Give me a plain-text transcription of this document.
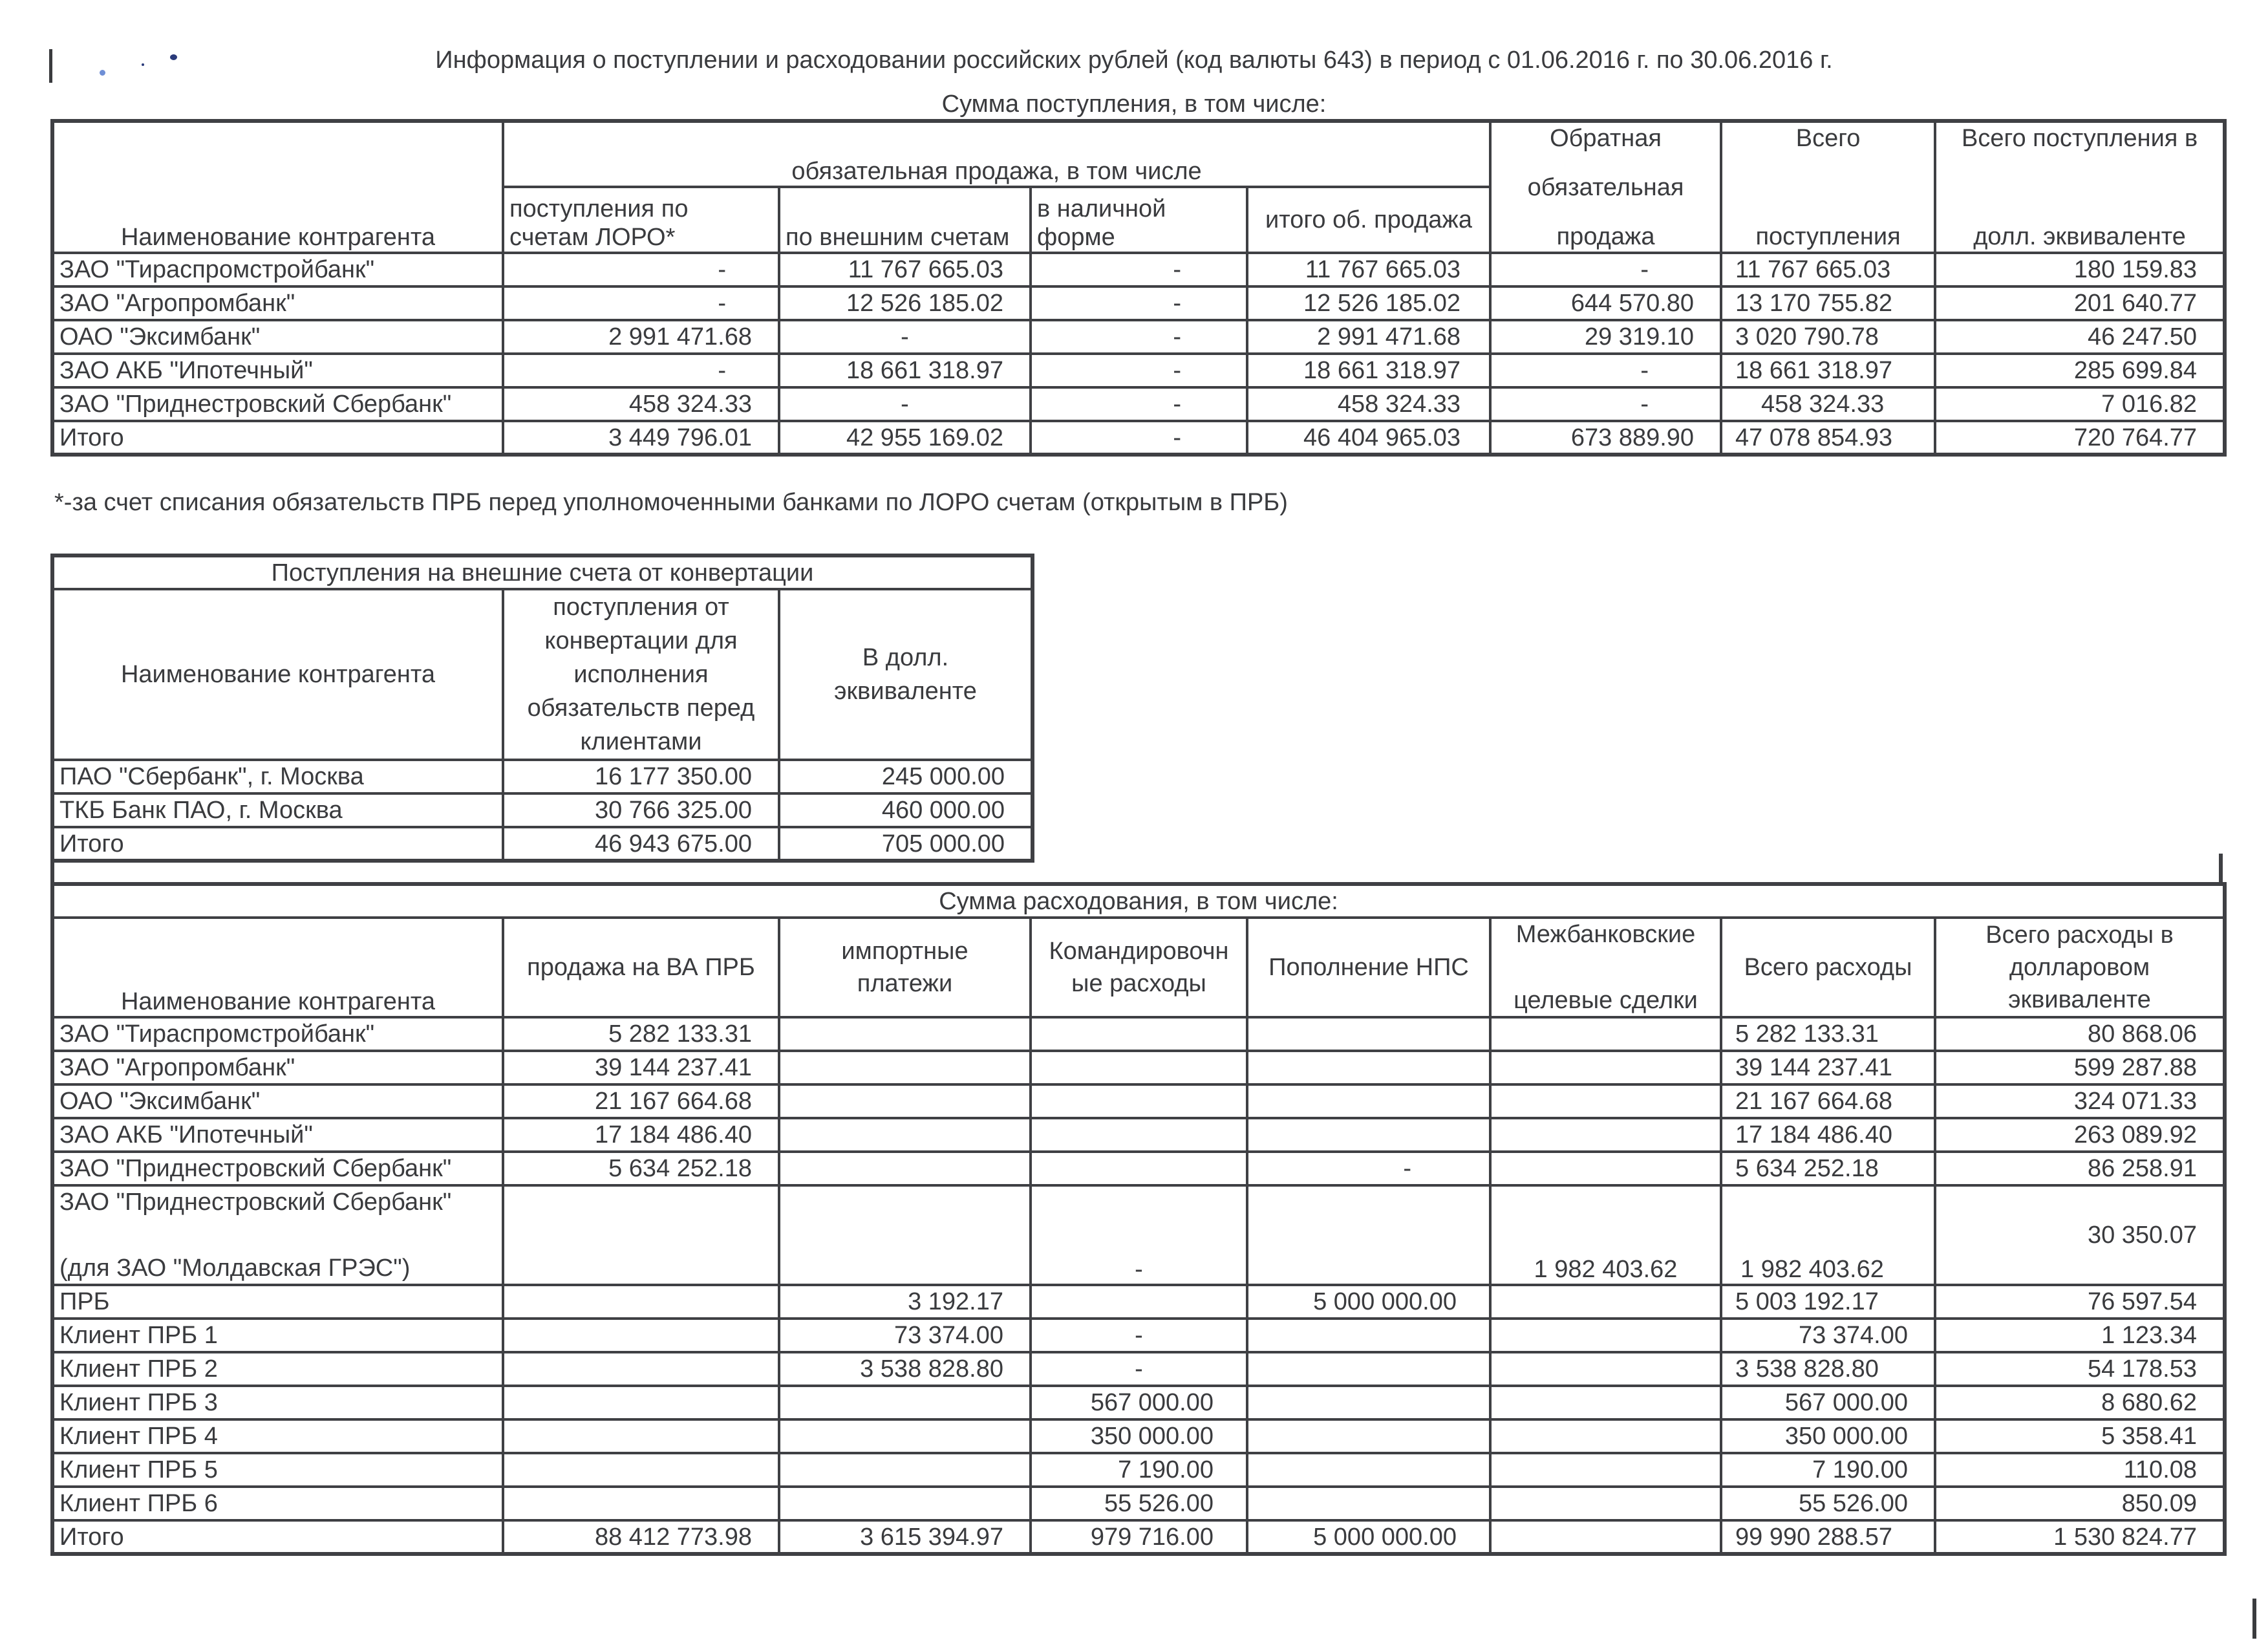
Информация о поступлении и расходовании российских рублей (код валюты 643) в период с 01.06.2016 г. по 30.06.2016 г.
Сумма поступления, в том числе:
Наименование контрагента	обязательная продажа, в том числе				Обратная
обязательная
продажа	Всего
поступления	Всего поступления в
долл. эквиваленте

	поступления по счетам ЛОРО*	по внешним счетам	в наличной форме	итого об. продажа			
ЗАО "Тираспромстройбанк"	-	11 767 665.03	-	11 767 665.03	-	11 767 665.03	180 159.83
ЗАО "Агропромбанк"	-	12 526 185.02	-	12 526 185.02	644 570.80	13 170 755.82	201 640.77
ОАО "Эксимбанк"	2 991 471.68	-	-	2 991 471.68	29 319.10	3 020 790.78	46 247.50
ЗАО АКБ "Ипотечный"	-	18 661 318.97	-	18 661 318.97	-	18 661 318.97	285 699.84
ЗАО "Приднестровский Сбербанк"	458 324.33	-	-	458 324.33	-	458 324.33	7 016.82
Итого	3 449 796.01	42 955 169.02	-	46 404 965.03	673 889.90	47 078 854.93	720 764.77
*-за счет списания обязательств ПРБ перед уполномоченными банками по ЛОРО счетам (открытым в ПРБ)
Поступления на внешние счета от конвертации		
Наименование контрагента	поступления от конвертации для исполнения обязательств перед клиентами	В долл. эквиваленте
ПАО "Сбербанк", г. Москва	16 177 350.00	245 000.00
ТКБ Банк ПАО, г. Москва	30 766 325.00	460 000.00
Итого	46 943 675.00	705 000.00
Сумма расходования, в том числе:							
Наименование контрагента	продажа на ВА ПРБ	импортные платежи	Командировочн ые расходы	Пополнение НПС	Межбанковские
целевые сделки	Всего расходы	Всего расходы в долларовом эквиваленте
ЗАО "Тираспромстройбанк"	5 282 133.31					5 282 133.31	80 868.06
ЗАО "Агропромбанк"	39 144 237.41					39 144 237.41	599 287.88
ОАО "Эксимбанк"	21 167 664.68					21 167 664.68	324 071.33
ЗАО АКБ "Ипотечный"	17 184 486.40					17 184 486.40	263 089.92
ЗАО "Приднестровский Сбербанк"	5 634 252.18			-		5 634 252.18	86 258.91

ЗАО "Приднестровский Сбербанк"
(для ЗАО "Молдавская ГРЭС")			-		1 982 403.62	1 982 403.62	30 350.07
ПРБ		3 192.17		5 000 000.00		5 003 192.17	76 597.54
Клиент ПРБ 1		73 374.00	-			73 374.00	1 123.34
Клиент ПРБ 2		3 538 828.80	-			3 538 828.80	54 178.53
Клиент ПРБ 3			567 000.00			567 000.00	8 680.62
Клиент ПРБ 4			350 000.00			350 000.00	5 358.41
Клиент ПРБ 5			7 190.00			7 190.00	110.08
Клиент ПРБ 6			55 526.00			55 526.00	850.09
Итого	88 412 773.98	3 615 394.97	979 716.00	5 000 000.00		99 990 288.57	1 530 824.77
